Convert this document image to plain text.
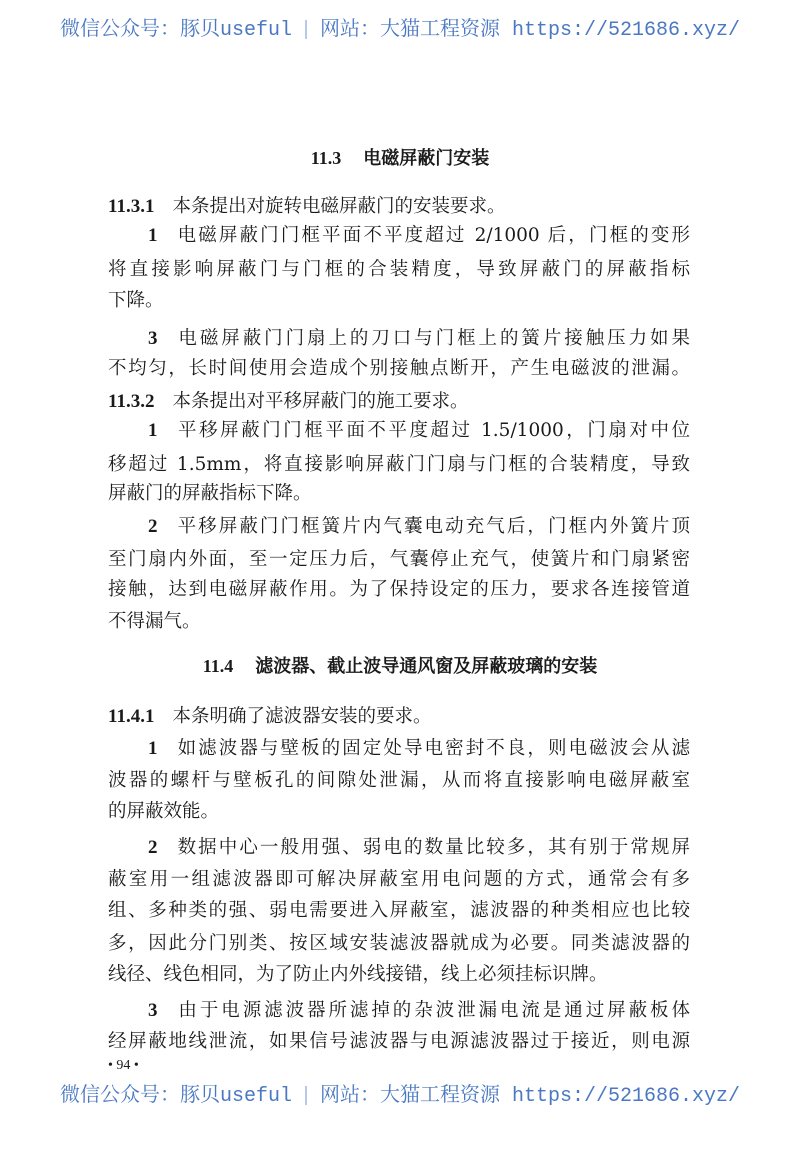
微信公众号：豚贝useful | 网站：大猫工程资源 https://521686.xyz/
11.3 电磁屏蔽门安装
11.4 滤波器、截止波导通风窗及屏蔽玻璃的安装
11.3.1 本条提出对旋转电磁屏蔽门的安装要求。
1 电磁屏蔽门门框平面不平度超过 2/1000 后，门框的变形
将直接影响屏蔽门与门框的合装精度，导致屏蔽门的屏蔽指标
下降。
3 电磁屏蔽门门扇上的刀口与门框上的簧片接触压力如果
不均匀，长时间使用会造成个别接触点断开，产生电磁波的泄漏。
11.3.2 本条提出对平移屏蔽门的施工要求。
1 平移屏蔽门门框平面不平度超过 1.5/1000，门扇对中位
移超过 1.5mm，将直接影响屏蔽门门扇与门框的合装精度，导致
屏蔽门的屏蔽指标下降。
2 平移屏蔽门门框簧片内气囊电动充气后，门框内外簧片顶
至门扇内外面，至一定压力后，气囊停止充气，使簧片和门扇紧密
接触，达到电磁屏蔽作用。为了保持设定的压力，要求各连接管道
不得漏气。
11.4.1 本条明确了滤波器安装的要求。
1 如滤波器与壁板的固定处导电密封不良，则电磁波会从滤
波器的螺杆与壁板孔的间隙处泄漏，从而将直接影响电磁屏蔽室
的屏蔽效能。
2 数据中心一般用强、弱电的数量比较多，其有别于常规屏
蔽室用一组滤波器即可解决屏蔽室用电问题的方式，通常会有多
组、多种类的强、弱电需要进入屏蔽室，滤波器的种类相应也比较
多，因此分门别类、按区域安装滤波器就成为必要。同类滤波器的
线径、线色相同，为了防止内外线接错，线上必须挂标识牌。
3 由于电源滤波器所滤掉的杂波泄漏电流是通过屏蔽板体
经屏蔽地线泄流，如果信号滤波器与电源滤波器过于接近，则电源
• 94 •
微信公众号：豚贝useful | 网站：大猫工程资源 https://521686.xyz/
